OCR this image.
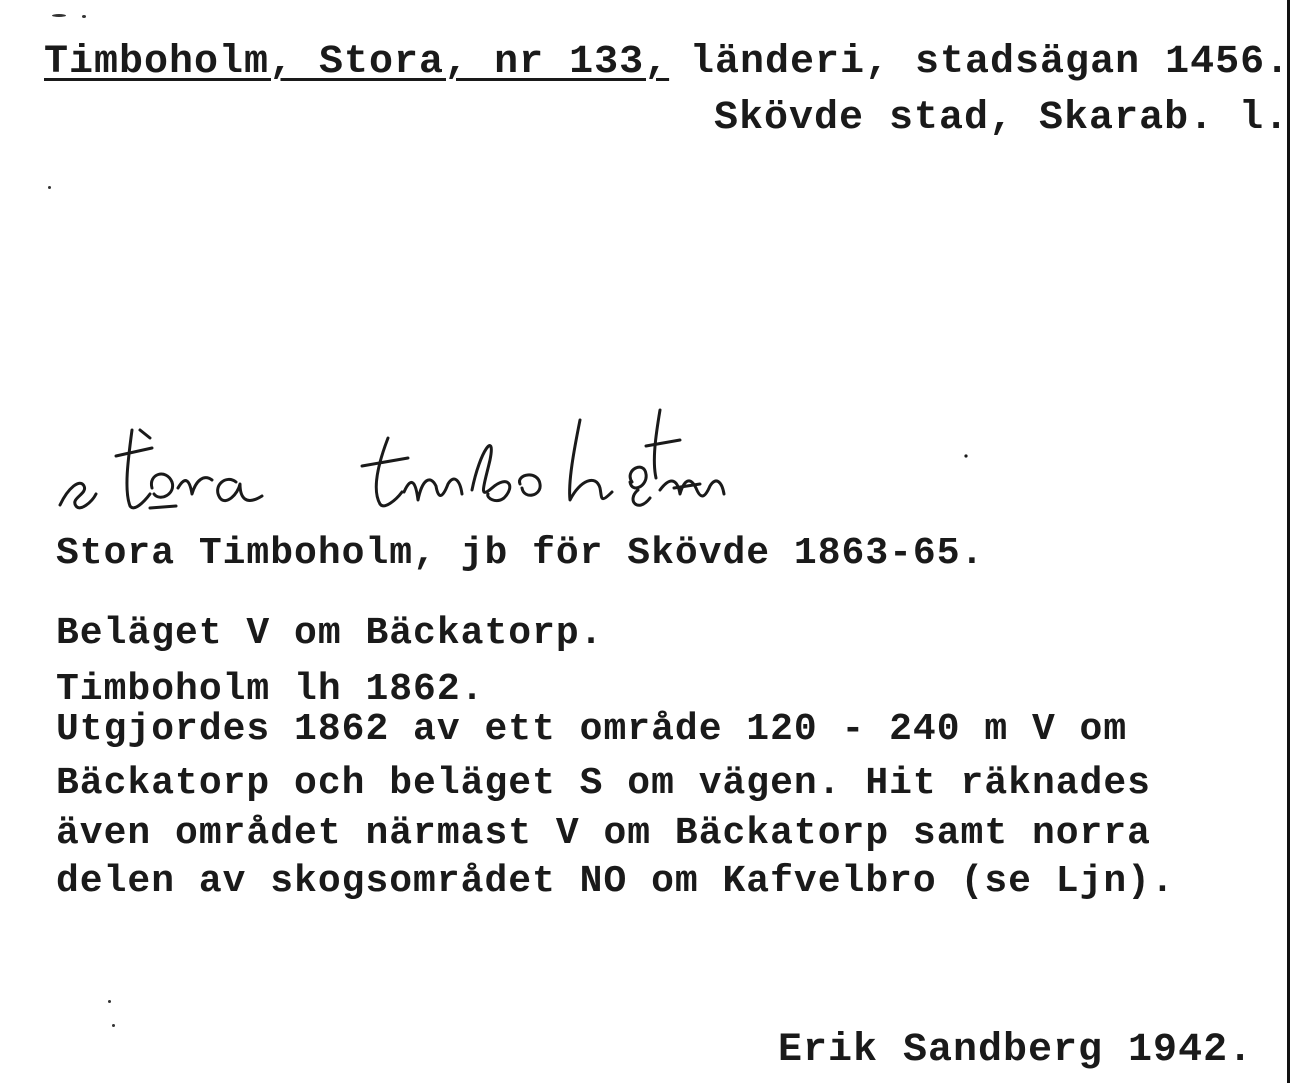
Timboholm, Stora, nr 133, länderi, stadsägan 1456.
Skövde stad, Skarab. l.
Stora Timboholm, jb för Skövde 1863-65.
Beläget V om Bäckatorp.
Timboholm lh 1862.
Utgjordes 1862 av ett område 120 - 240 m V om
Bäckatorp och beläget S om vägen. Hit räknades
även området närmast V om Bäckatorp samt norra
delen av skogsområdet NO om Kafvelbro (se Ljn).
Erik Sandberg 1942.
